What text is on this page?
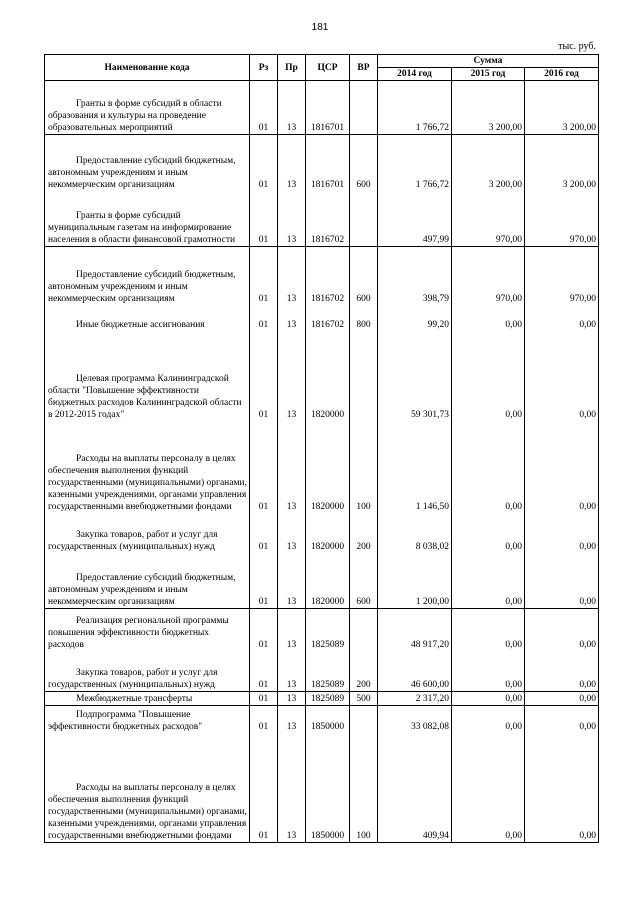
181
тыс. руб.
Наименование кода	Рз	Пр	ЦСР	ВР	Сумма		
					2014 год	2015 год	2016 год
Гранты в форме субсидий в области образования и культуры на проведение образовательных мероприятий	01	13	1816701		1 766,72	3 200,00	3 200,00
Предоставление субсидий бюджетным, автономным учреждениям и иным некоммерческим организациям	01	13	1816701	600	1 766,72	3 200,00	3 200,00
Гранты в форме субсидий муниципальным газетам на информирование населения в области финансовой грамотности	01	13	1816702		497,99	970,00	970,00
Предоставление субсидий бюджетным, автономным учреждениям и иным некоммерческим организациям	01	13	1816702	600	398,79	970,00	970,00
Иные бюджетные ассигнования	01	13	1816702	800	99,20	0,00	0,00
Целевая программа Калининградской области "Повышение эффективности бюджетных расходов Калининградской области в 2012-2015 годах"	01	13	1820000		59 301,73	0,00	0,00
Расходы на выплаты персоналу в целях обеспечения выполнения функций государственными (муниципальными) органами, казенными учреждениями, органами управления государственными внебюджетными фондами	01	13	1820000	100	1 146,50	0,00	0,00
Закупка товаров, работ и услуг для государственных (муниципальных) нужд	01	13	1820000	200	8 038,02	0,00	0,00
Предоставление субсидий бюджетным, автономным учреждениям и иным некоммерческим организациям	01	13	1820000	600	1 200,00	0,00	0,00
Реализация региональной программы повышения эффективности бюджетных расходов	01	13	1825089		48 917,20	0,00	0,00
Закупка товаров, работ и услуг для государственных (муниципальных) нужд	01	13	1825089	200	46 600,00	0,00	0,00
Межбюджетные трансферты	01	13	1825089	500	2 317,20	0,00	0,00
Подпрограмма "Повышение эффективности бюджетных расходов"	01	13	1850000		33 082,08	0,00	0,00
Расходы на выплаты персоналу в целях обеспечения выполнения функций государственными (муниципальными) органами, казенными учреждениями, органами управления государственными внебюджетными фондами	01	13	1850000	100	409,94	0,00	0,00
